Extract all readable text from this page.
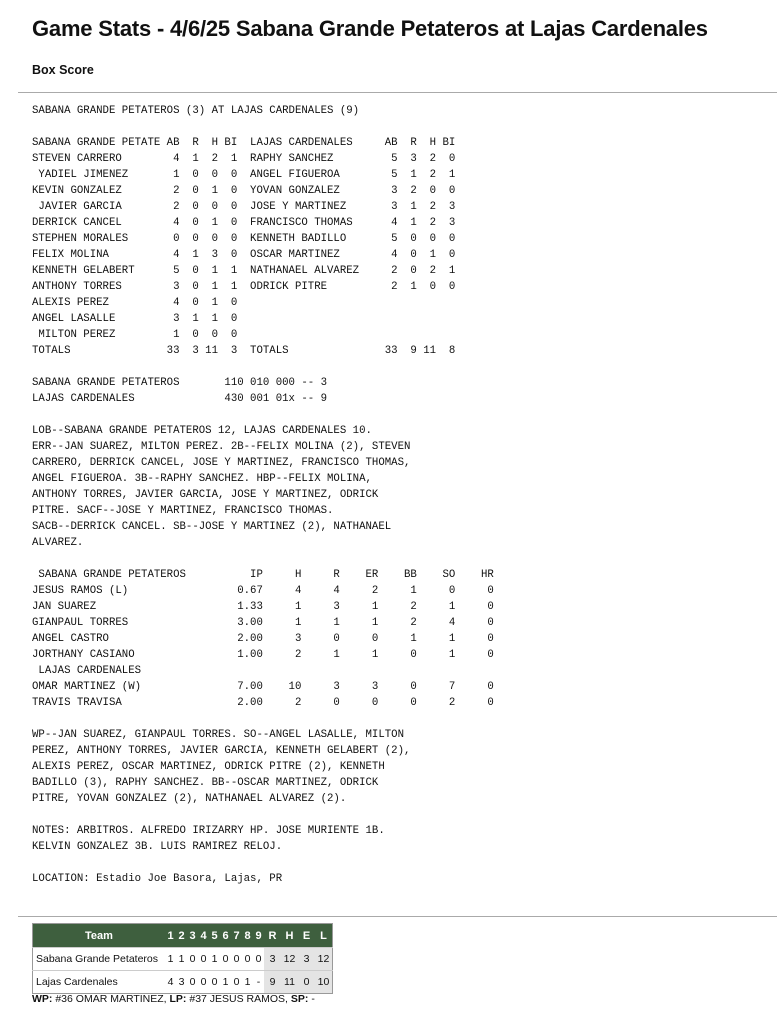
Game Stats - 4/6/25 Sabana Grande Petateros at Lajas Cardenales
Box Score
SABANA GRANDE PETATEROS (3) AT LAJAS CARDENALES (9)

SABANA GRANDE PETATE AB  R  H BI  LAJAS CARDENALES     AB  R  H BI
STEVEN CARRERO        4  1  2  1  RAPHY SANCHEZ         5  3  2  0
YADIEL JIMENEZ       1  0  0  0  ANGEL FIGUEROA        5  1  2  1
KEVIN GONZALEZ        2  0  1  0  YOVAN GONZALEZ        3  2  0  0
JAVIER GARCIA        2  0  0  0  JOSE Y MARTINEZ       3  1  2  3
DERRICK CANCEL        4  0  1  0  FRANCISCO THOMAS      4  1  2  3
STEPHEN MORALES       0  0  0  0  KENNETH BADILLO       5  0  0  0
FELIX MOLINA          4  1  3  0  OSCAR MARTINEZ        4  0  1  0
KENNETH GELABERT      5  0  1  1  NATHANAEL ALVAREZ     2  0  2  1
ANTHONY TORRES        3  0  1  1  ODRICK PITRE          2  1  0  0
ALEXIS PEREZ          4  0  1  0
ANGEL LASALLE         3  1  1  0
MILTON PEREZ         1  0  0  0
TOTALS               33  3 11  3  TOTALS               33  9 11  8

SABANA GRANDE PETATEROS       110 010 000 -- 3
LAJAS CARDENALES              430 001 01x -- 9

LOB--SABANA GRANDE PETATEROS 12, LAJAS CARDENALES 10.
ERR--JAN SUAREZ, MILTON PEREZ. 2B--FELIX MOLINA (2), STEVEN
CARRERO, DERRICK CANCEL, JOSE Y MARTINEZ, FRANCISCO THOMAS,
ANGEL FIGUEROA. 3B--RAPHY SANCHEZ. HBP--FELIX MOLINA,
ANTHONY TORRES, JAVIER GARCIA, JOSE Y MARTINEZ, ODRICK
PITRE. SACF--JOSE Y MARTINEZ, FRANCISCO THOMAS.
SACB--DERRICK CANCEL. SB--JOSE Y MARTINEZ (2), NATHANAEL
ALVAREZ.

SABANA GRANDE PETATEROS          IP     H     R    ER    BB    SO    HR
JESUS RAMOS (L)                 0.67     4     4     2     1     0     0
JAN SUAREZ                      1.33     1     3     1     2     1     0
GIANPAUL TORRES                 3.00     1     1     1     2     4     0
ANGEL CASTRO                    2.00     3     0     0     1     1     0
JORTHANY CASIANO                1.00     2     1     1     0     1     0
LAJAS CARDENALES
OMAR MARTINEZ (W)               7.00    10     3     3     0     7     0
TRAVIS TRAVISA                  2.00     2     0     0     0     2     0

WP--JAN SUAREZ, GIANPAUL TORRES. SO--ANGEL LASALLE, MILTON
PEREZ, ANTHONY TORRES, JAVIER GARCIA, KENNETH GELABERT (2),
ALEXIS PEREZ, OSCAR MARTINEZ, ODRICK PITRE (2), KENNETH
BADILLO (3), RAPHY SANCHEZ. BB--OSCAR MARTINEZ, ODRICK
PITRE, YOVAN GONZALEZ (2), NATHANAEL ALVAREZ (2).

NOTES: ARBITROS. ALFREDO IRIZARRY HP. JOSE MURIENTE 1B.
KELVIN GONZALEZ 3B. LUIS RAMIREZ RELOJ.

LOCATION: Estadio Joe Basora, Lajas, PR
Team	1	2	3	4	5	6	7	8	9	R	H	E	L
Sabana Grande Petateros	1	1	0	0	1	0	0	0	0	3	12	3	12
Lajas Cardenales	4	3	0	0	0	1	0	1	-	9	11	0	10
WP: #36 OMAR MARTINEZ, LP: #37 JESUS RAMOS, SP: -
